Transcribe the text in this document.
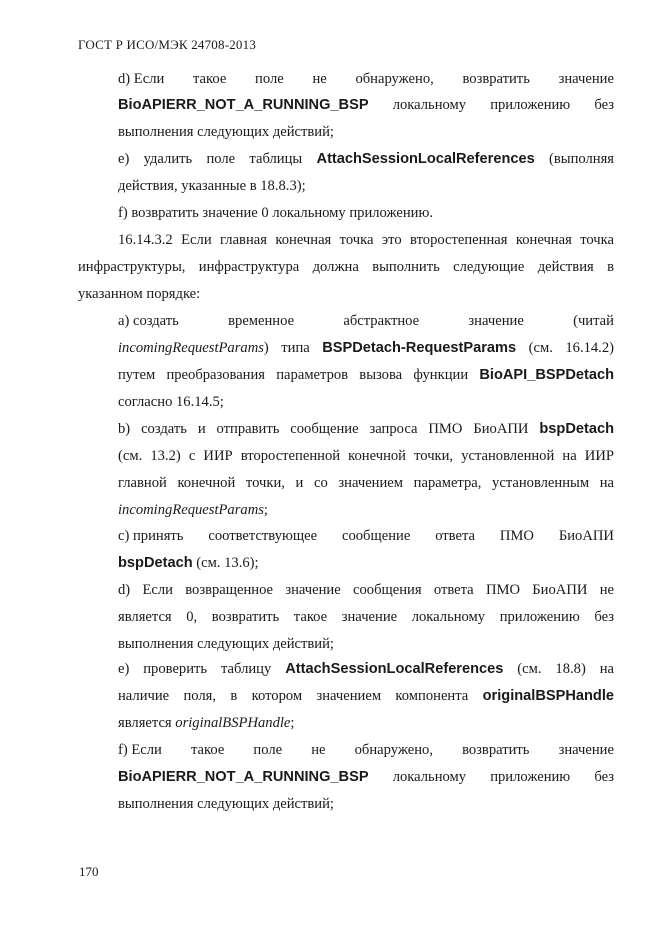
ГОСТ Р ИСО/МЭК 24708-2013
d) Если такое поле не обнаружено, возвратить значение
BioAPIERR_NOT_A_RUNNING_BSP локальному приложению без
выполнения следующих действий;
e) удалить поле таблицы AttachSessionLocalReferences (выполняя
действия, указанные в 18.8.3);
f) возвратить значение 0 локальному приложению.
16.14.3.2 Если главная конечная точка это второстепенная конечная точка
инфраструктуры, инфраструктура должна выполнить следующие действия в
указанном порядке:
a) создать	временное	абстрактное	значение	(читай
incomingRequestParams) типа BSPDetach-RequestParams (см. 16.14.2)
путем преобразования параметров вызова функции BioAPI_BSPDetach
согласно 16.14.5;
b) создать и отправить сообщение запроса ПМО БиоАПИ bspDetach
(см. 13.2) с ИИР второстепенной конечной точки, установленной на ИИР
главной конечной точки, и со значением параметра, установленным на
incomingRequestParams;
c) принять соответствующее сообщение ответа ПМО БиоАПИ
bspDetach (см. 13.6);
d) Если возвращенное значение сообщения ответа ПМО БиоАПИ не
является 0, возвратить такое значение локальному приложению без
выполнения следующих действий;
e) проверить таблицу AttachSessionLocalReferences (см. 18.8) на
наличие поля, в котором значением компонента originalBSPHandle
является originalBSPHandle;
f) Если такое поле не обнаружено, возвратить значение
BioAPIERR_NOT_A_RUNNING_BSP локальному приложению без
выполнения следующих действий;
170
